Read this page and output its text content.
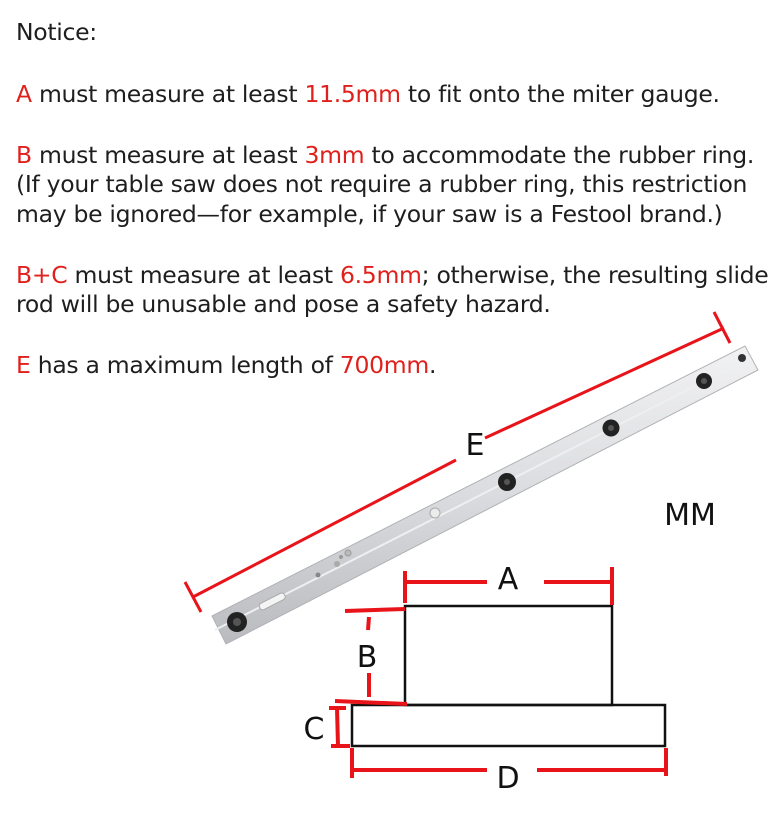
Notice:
A must measure at least 11.5mm to fit onto the miter gauge.
B must measure at least 3mm to accommodate the rubber ring.
(If your table saw does not require a rubber ring, this restriction
may be ignored—for example, if your saw is a Festool brand.)
B+C must measure at least 6.5mm; otherwise, the resulting slide
rod will be unusable and pose a safety hazard.
E has a maximum length of 700mm.
E
MM
A
B
C
D
